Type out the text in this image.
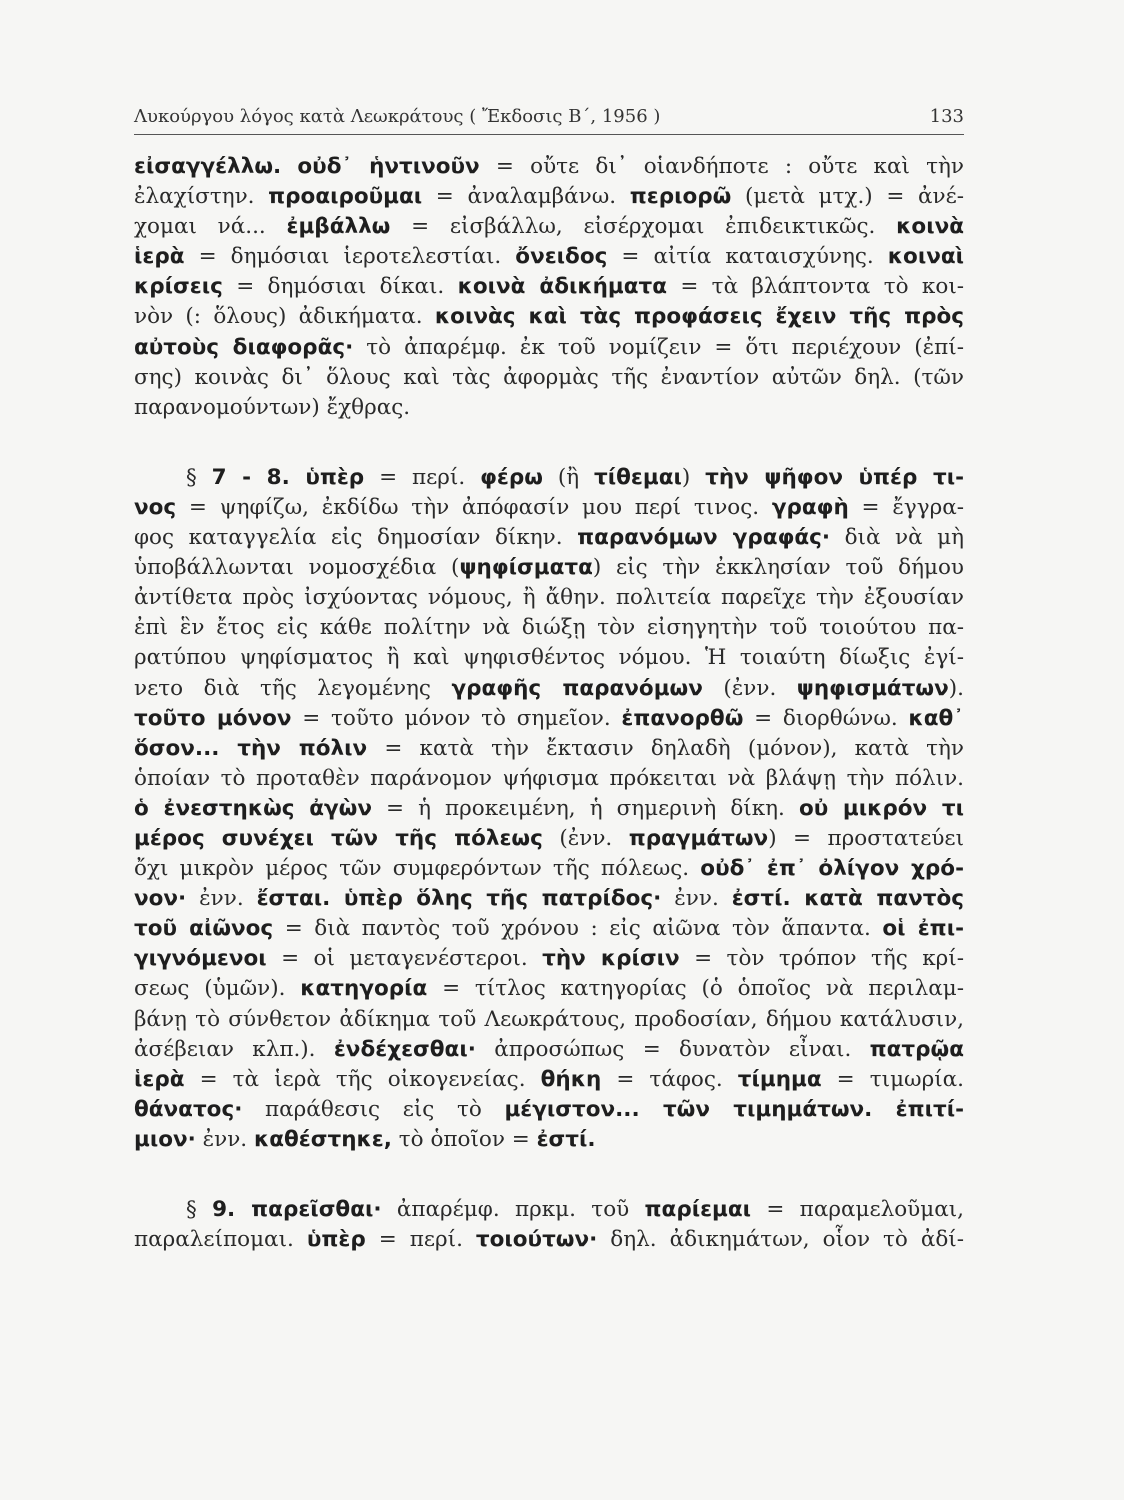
Λυκούργου λόγος κατὰ Λεωκράτους ( Ἔκδοσις Β΄, 1956 )	133
εἰσαγγέλλω. οὐδ᾽ ἡντινοῦν = οὔτε δι᾽ οἱανδήποτε : οὔτε καὶ τὴν
ἐλαχίστην. προαιροῦμαι = ἀναλαμβάνω. περιορῶ (μετὰ μτχ.) = ἀνέ-
χομαι νά... ἐμβάλλω = εἰσβάλλω, εἰσέρχομαι ἐπιδεικτικῶς. κοινὰ
ἱερὰ = δημόσιαι ἱεροτελεστίαι. ὄνειδος = αἰτία καταισχύνης. κοιναὶ
κρίσεις = δημόσιαι δίκαι. κοινὰ ἀδικήματα = τὰ βλάπτοντα τὸ κοι-
νὸν (: ὅλους) ἀδικήματα. κοινὰς καὶ τὰς προφάσεις ἔχειν τῆς πρὸς
αὐτοὺς διαφορᾶς· τὸ ἀπαρέμφ. ἐκ τοῦ νομίζειν = ὅτι περιέχουν (ἐπί-
σης) κοινὰς δι᾽ ὅλους καὶ τὰς ἀφορμὰς τῆς ἐναντίον αὐτῶν δηλ. (τῶν
παρανομούντων) ἔχθρας.
§ 7 - 8. ὑπὲρ = περί. φέρω (ἢ τίθεμαι) τὴν ψῆφον ὑπέρ τι-
νος = ψηφίζω, ἐκδίδω τὴν ἀπόφασίν μου περί τινος. γραφὴ = ἔγγρα-
φος καταγγελία εἰς δημοσίαν δίκην. παρανόμων γραφάς· διὰ νὰ μὴ
ὑποβάλλωνται νομοσχέδια (ψηφίσματα) εἰς τὴν ἐκκλησίαν τοῦ δήμου
ἀντίθετα πρὸς ἰσχύοντας νόμους, ἢ ἄθην. πολιτεία παρεῖχε τὴν ἐξουσίαν
ἐπὶ ἓν ἔτος εἰς κάθε πολίτην νὰ διώξῃ τὸν εἰσηγητὴν τοῦ τοιούτου πα-
ρατύπου ψηφίσματος ἢ καὶ ψηφισθέντος νόμου. Ἡ τοιαύτη δίωξις ἐγί-
νετο διὰ τῆς λεγομένης γραφῆς παρανόμων (ἐνν. ψηφισμάτων).
τοῦτο μόνον = τοῦτο μόνον τὸ σημεῖον. ἐπανορθῶ = διορθώνω. καθ᾽
ὅσον... τὴν πόλιν = κατὰ τὴν ἔκτασιν δηλαδὴ (μόνον), κατὰ τὴν
ὁποίαν τὸ προταθὲν παράνομον ψήφισμα πρόκειται νὰ βλάψῃ τὴν πόλιν.
ὁ ἐνεστηκὼς ἀγὼν = ἡ προκειμένη, ἡ σημερινὴ δίκη. οὐ μικρόν τι
μέρος συνέχει τῶν τῆς πόλεως (ἐνν. πραγμάτων) = προστατεύει
ὄχι μικρὸν μέρος τῶν συμφερόντων τῆς πόλεως. οὐδ᾽ ἐπ᾽ ὀλίγον χρό-
νον· ἐνν. ἔσται. ὑπὲρ ὅλης τῆς πατρίδος· ἐνν. ἐστί. κατὰ παντὸς
τοῦ αἰῶνος = διὰ παντὸς τοῦ χρόνου : εἰς αἰῶνα τὸν ἅπαντα. οἱ ἐπι-
γιγνόμενοι = οἱ μεταγενέστεροι. τὴν κρίσιν = τὸν τρόπον τῆς κρί-
σεως (ὑμῶν). κατηγορία = τίτλος κατηγορίας (ὁ ὁποῖος νὰ περιλαμ-
βάνῃ τὸ σύνθετον ἀδίκημα τοῦ Λεωκράτους, προδοσίαν, δήμου κατάλυσιν,
ἀσέβειαν κλπ.). ἐνδέχεσθαι· ἀπροσώπως = δυνατὸν εἶναι. πατρῷα
ἱερὰ = τὰ ἱερὰ τῆς οἰκογενείας. θήκη = τάφος. τίμημα = τιμωρία.
θάνατος· παράθεσις εἰς τὸ μέγιστον... τῶν τιμημάτων. ἐπιτί-
μιον· ἐνν. καθέστηκε, τὸ ὁποῖον = ἐστί.
§ 9. παρεῖσθαι· ἀπαρέμφ. πρκμ. τοῦ παρίεμαι = παραμελοῦμαι,
παραλείπομαι. ὑπὲρ = περί. τοιούτων· δηλ. ἀδικημάτων, οἷον τὸ ἀδί-
